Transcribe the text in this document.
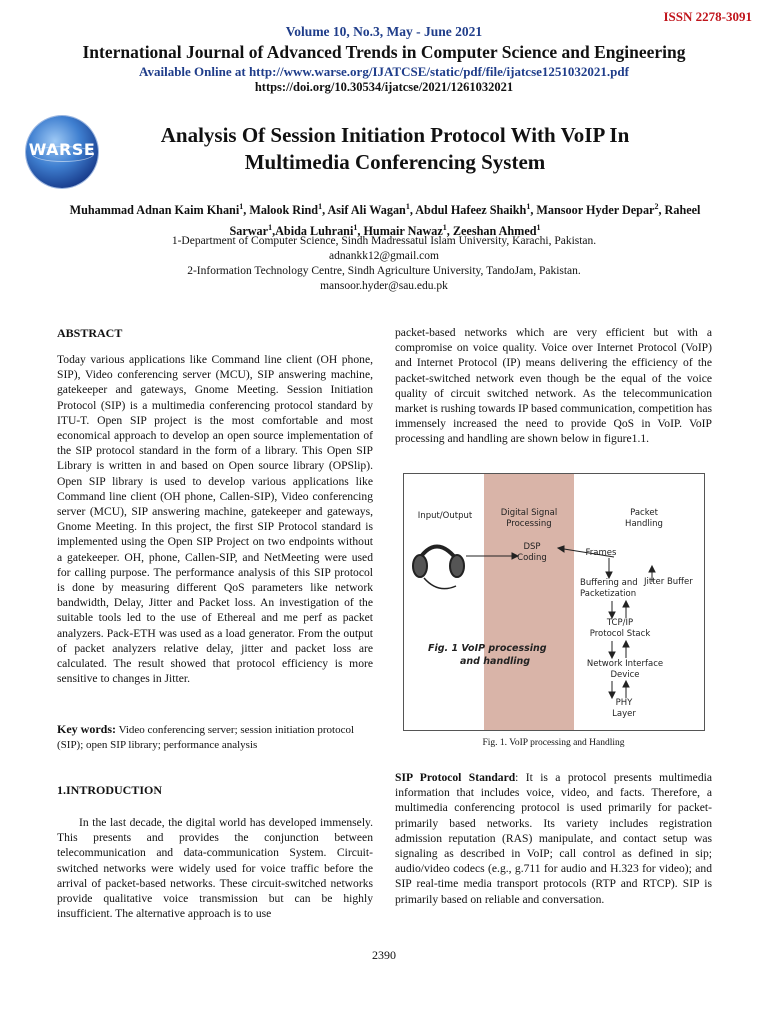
ISSN 2278-3091
Volume 10, No.3, May - June 2021
International Journal of Advanced Trends in Computer Science and Engineering
Available Online at http://www.warse.org/IJATCSE/static/pdf/file/ijatcse1251032021.pdf
https://doi.org/10.30534/ijatcse/2021/1261032021
WARSE
Analysis Of Session Initiation Protocol With VoIP In
Multimedia Conferencing System
Muhammad Adnan Kaim Khani$^1$, Malook Rind$^1$, Asif Ali Wagan$^1$, Abdul Hafeez Shaikh$^1$, Mansoor Hyder Depar$^2$, Raheel Sarwar$^1$,Abida Luhrani$^1$, Humair Nawaz$^1$, Zeeshan Ahmed$^1$
1-Department of Computer Science, Sindh Madressatul Islam University, Karachi, Pakistan.
adnankk12@gmail.com
2-Information Technology Centre, Sindh Agriculture University, TandoJam, Pakistan.
mansoor.hyder@sau.edu.pk
ABSTRACT
Today various applications like Command line client (OH phone, SIP), Video conferencing server (MCU), SIP answering machine, gatekeeper and gateways, Gnome Meeting. Session Initiation Protocol (SIP) is a multimedia conferencing protocol standard by ITU-T. Open SIP project is the most comfortable and most economical approach to develop an open source implementation of the SIP protocol standard in the form of a library. This Open SIP Library is written in and based on Open source library (OPSlip). Open SIP library is used to develop various applications like Command line client (OH phone, Callen-SIP), Video conferencing server (MCU), SIP answering machine, gatekeeper and gateways, Gnome Meeting. In this project, the first SIP Protocol standard is implemented using the Open SIP Project on two endpoints without a gatekeeper. OH, phone, Callen-SIP, and NetMeeting were used for calling purpose. The performance analysis of this SIP protocol is done by measuring different QoS parameters like network bandwidth, Delay, Jitter and Packet loss. An investigation of the suitable tools led to the use of Ethereal and me perf as packet analyzers. Pack-ETH was used as a load generator. From the output of packet analyzers relative delay, jitter and packet loss are calculated. The result showed that protocol efficiency is more sensitive to changes in Jitter.
Key words: Video conferencing server; session initiation protocol (SIP); open SIP library; performance analysis
1.INTRODUCTION
In the last decade, the digital world has developed immensely. This presents and provides the conjunction between telecommunication and data-communication System. Circuit-switched networks were widely used for voice traffic before the arrival of packet-based networks. These circuit-switched networks provide qualitative voice transmission but can be highly insufficient. The alternative approach is to use
packet-based networks which are very efficient but with a compromise on voice quality. Voice over Internet Protocol (VoIP) and Internet Protocol (IP) means delivering the efficiency of the packet-switched network even though be the equal of the voice quality of circuit switched network. As the telecommunication market is rushing towards IP based communication, competition has immensely increased the need to provide QoS in VoIP. VoIP processing and handling are shown below in figure1.1.
Input/Output	Digital Signal
Processing
Packet
Handling
DSP
Coding	Frames
Buffering and
Packetization
Jitter Buffer
TCP/IP
Protocol Stack
Network Interface
Device
PHY
Layer
Fig. 1 VoIP processing
and handling
Fig. 1. VoIP processing and Handling
SIP Protocol Standard: It is a protocol presents multimedia information that includes voice, video, and facts. Therefore, a multimedia conferencing protocol is used primarily for packet-primarily based networks. Its variety includes registration admission reputation (RAS) manipulate, and contact setup was signaling as described in VoIP; call control as defined in sip; audio/video codecs (e.g., g.711 for audio and H.323 for video); and SIP real-time media transport protocols (RTP and RTCP). SIP is primarily based on reliable and conversation.
2390
